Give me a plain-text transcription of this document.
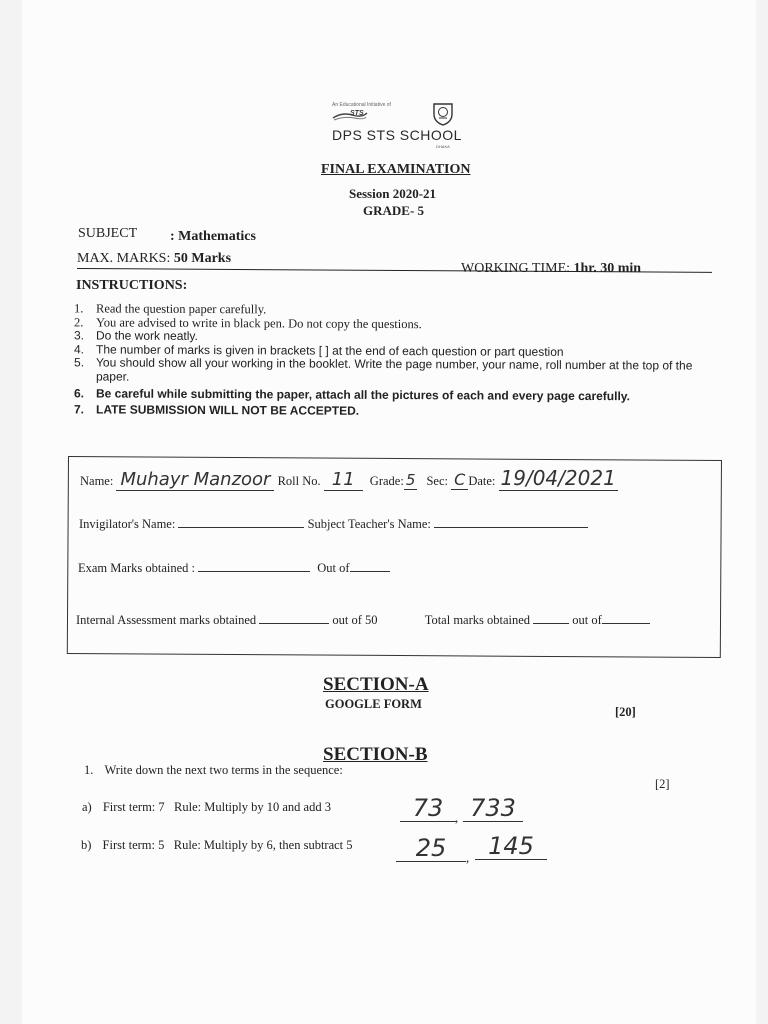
An Educational Initiative of
STS
DPS STS SCHOOL
DHAKA
FINAL EXAMINATION
Session 2020-21
GRADE- 5
SUBJECT : Mathematics
MAX. MARKS: 50 Marks
WORKING TIME: 1hr. 30 min
INSTRUCTIONS:
1. Read the question paper carefully.
2. You are advised to write in black pen. Do not copy the questions.
3. Do the work neatly.
4. The number of marks is given in brackets [ ] at the end of each question or part question
5. You should show all your working in the booklet. Write the page number, your name, roll number at the top of the paper.
6. Be careful while submitting the paper, attach all the pictures of each and every page carefully.
7. LATE SUBMISSION WILL NOT BE ACCEPTED.
Name: Muhayr Manzoor Roll No. 11 Grade: 5 Sec: C Date: 19/04/2021
Invigilator's Name:	Subject Teacher's Name:
Exam Marks obtained :	Out of
Internal Assessment marks obtained	out of 50	Total marks obtained	out of
SECTION-A
GOOGLE FORM
[20]
SECTION-B
1. Write down the next two terms in the sequence:
[2]
a) First term: 7   Rule: Multiply by 10 and add 3	73 , 733
b) First term: 5   Rule: Multiply by 6, then subtract 5	25	, 145
